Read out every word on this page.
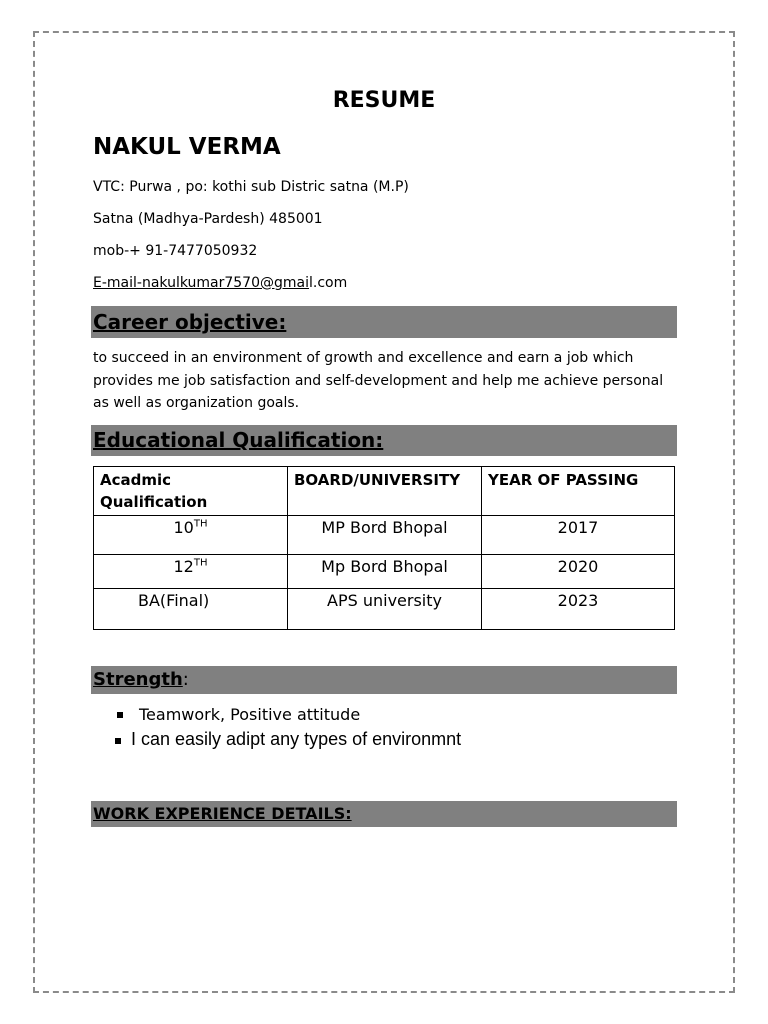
RESUME
NAKUL VERMA
VTC: Purwa , po: kothi sub Distric satna (M.P)
Satna (Madhya-Pardesh) 485001
mob-+ 91-7477050932
E-mail-nakulkumar7570@gmail.com
Career objective:
to succeed in an environment of growth and excellence and earn a job which provides me job satisfaction and self-development and help me achieve personal as well as organization goals.
Educational Qualification:
Acadmic Qualification	BOARD/UNIVERSITY	YEAR OF PASSING
10TH	MP Bord Bhopal	2017
12TH	Mp Bord Bhopal	2020
BA(Final)	APS university	2023
Strength:
Teamwork, Positive attitude
I can easily adipt any types of environmnt
WORK EXPERIENCE DETAILS:
